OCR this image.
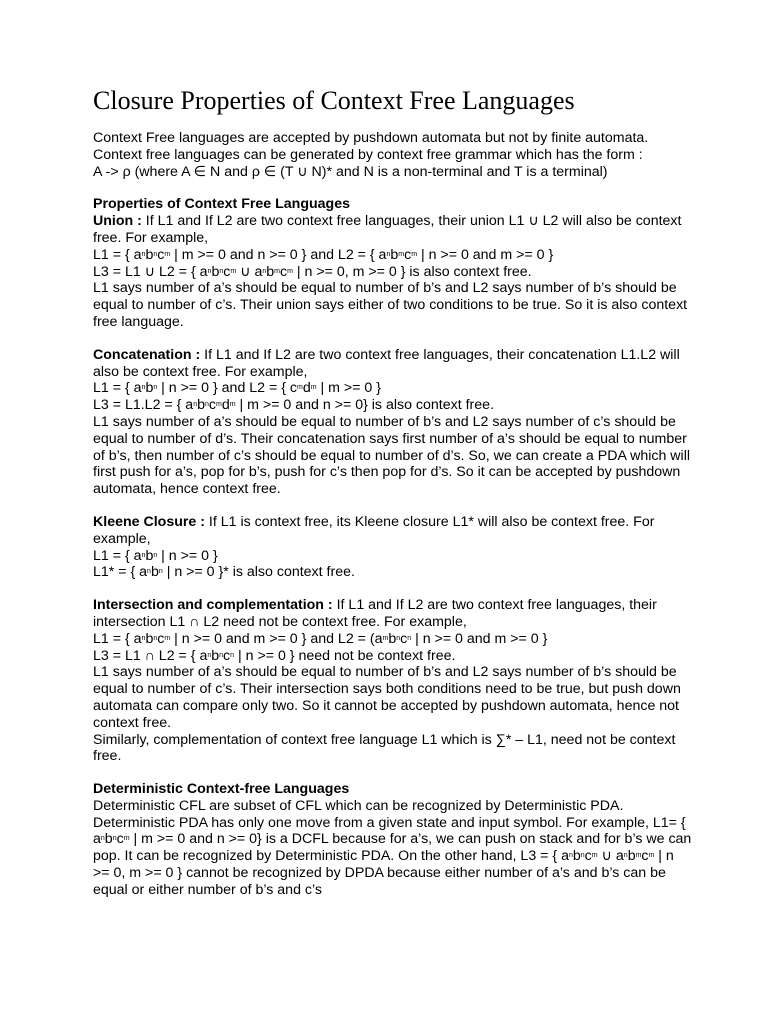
Closure Properties of Context Free Languages

Context Free languages are accepted by pushdown automata but not by finite automata. Context free languages can be generated by context free grammar which has the form :

A -> ρ (where A ∈ N and ρ ∈ (T ∪ N)* and N is a non-terminal and T is a terminal)

Properties of Context Free Languages

Union : If L1 and If L2 are two context free languages, their union L1 ∪ L2 will also be context free. For example,

L1 = { $a^nb^nc^m$ | m >= 0 and n >= 0 } and L2 = { $a^nb^mc^m$ | n >= 0 and m >= 0 }

L3 = L1 ∪ L2 = { $a^nb^nc^m$ ∪ $a^nb^mc^m$ | n >= 0, m >= 0 } is also context free.

L1 says number of a’s should be equal to number of b’s and L2 says number of b’s should be equal to number of c’s. Their union says either of two conditions to be true. So it is also context free language.

Concatenation : If L1 and If L2 are two context free languages, their concatenation L1.L2 will also be context free. For example,

L1 = { $a^nb^n$ | n >= 0 } and L2 = { $c^md^m$ | m >= 0 }

L3 = L1.L2 = { $a^nb^nc^md^m$ | m >= 0 and n >= 0} is also context free.

L1 says number of a’s should be equal to number of b’s and L2 says number of c’s should be equal to number of d’s. Their concatenation says first number of a’s should be equal to number of b’s, then number of c’s should be equal to number of d’s. So, we can create a PDA which will first push for a’s, pop for b’s, push for c’s then pop for d’s. So it can be accepted by pushdown automata, hence context free.

Kleene Closure : If L1 is context free, its Kleene closure L1* will also be context free. For example,

L1 = { $a^nb^n$ | n >= 0 }

L1* = { $a^nb^n$ | n >= 0 }* is also context free.

Intersection and complementation : If L1 and If L2 are two context free languages, their intersection L1 ∩ L2 need not be context free. For example,

L1 = { $a^nb^nc^m$ | n >= 0 and m >= 0 } and $L2 = (a^mb^nc^n$ | n >= 0 and m >= 0 }

L3 = L1 ∩ L2 = { $a^nb^nc^n$ | n >= 0 } need not be context free.

L1 says number of a’s should be equal to number of b’s and L2 says number of b’s should be equal to number of c’s. Their intersection says both conditions need to be true, but push down automata can compare only two. So it cannot be accepted by pushdown automata, hence not context free.

Similarly, complementation of context free language L1 which is ∑* – L1, need not be context free.

Deterministic Context-free Languages

Deterministic CFL are subset of CFL which can be recognized by Deterministic PDA. Deterministic PDA has only one move from a given state and input symbol. For example, L1= { $a^nb^nc^m$ | m >= 0 and n >= 0} is a DCFL because for a’s, we can push on stack and for b’s we can pop. It can be recognized by Deterministic PDA. On the other hand, L3 = { $a^nb^nc^m$ ∪ $a^nb^mc^m$ | n >= 0, m >= 0 } cannot be recognized by DPDA because either number of a’s and b’s can be equal or either number of b’s and c’s
